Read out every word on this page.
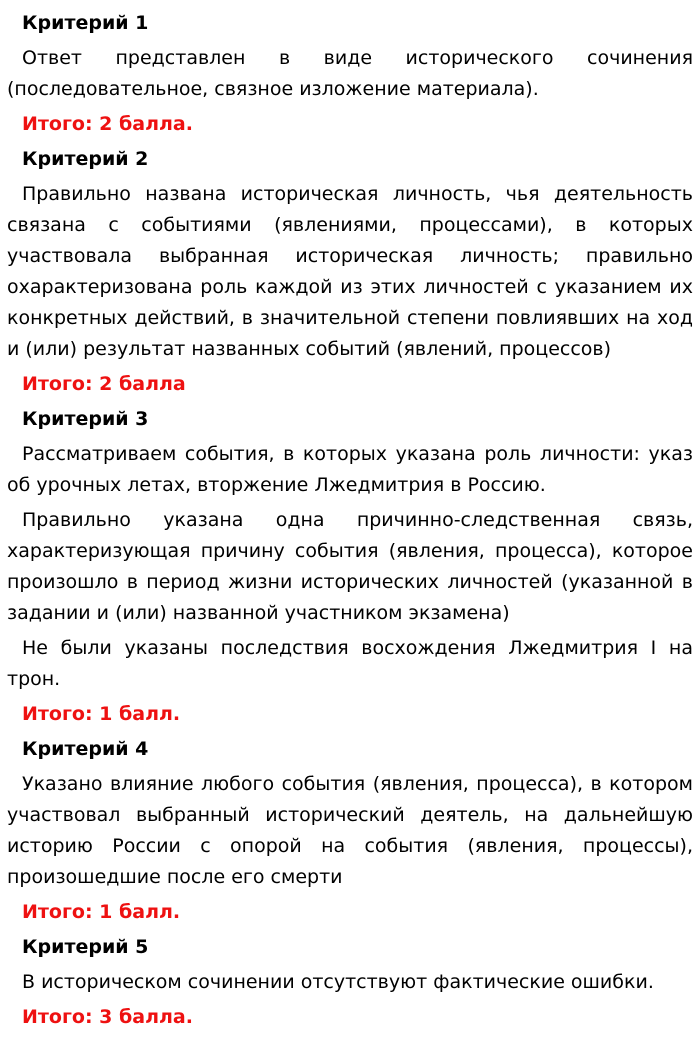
Критерий 1
Ответ представлен в виде исторического сочинения (последовательное, связное изложение материала).
Итого: 2 балла.
Критерий 2
Правильно названа историческая личность, чья деятельность связана с событиями (явлениями, процессами), в которых участвовала выбранная историческая личность; правильно охарактеризована роль каждой из этих личностей с указанием их конкретных действий, в значительной степени повлиявших на ход и (или) результат названных событий (явлений, процессов)
Итого: 2 балла
Критерий 3
Рассматриваем события, в которых указана роль личности: указ об урочных летах, вторжение Лжедмитрия в Россию.
Правильно указана одна причинно-следственная связь, характеризующая причину события (явления, процесса), которое произошло в период жизни исторических личностей (указанной в задании и (или) названной участником экзамена)
Не были указаны последствия восхождения Лжедмитрия I на трон.
Итого: 1 балл.
Критерий 4
Указано влияние любого события (явления, процесса), в котором участвовал выбранный исторический деятель, на дальнейшую историю России с опорой на события (явления, процессы), произошедшие после его смерти
Итого: 1 балл.
Критерий 5
В историческом сочинении отсутствуют фактические ошибки.
Итого: 3 балла.
